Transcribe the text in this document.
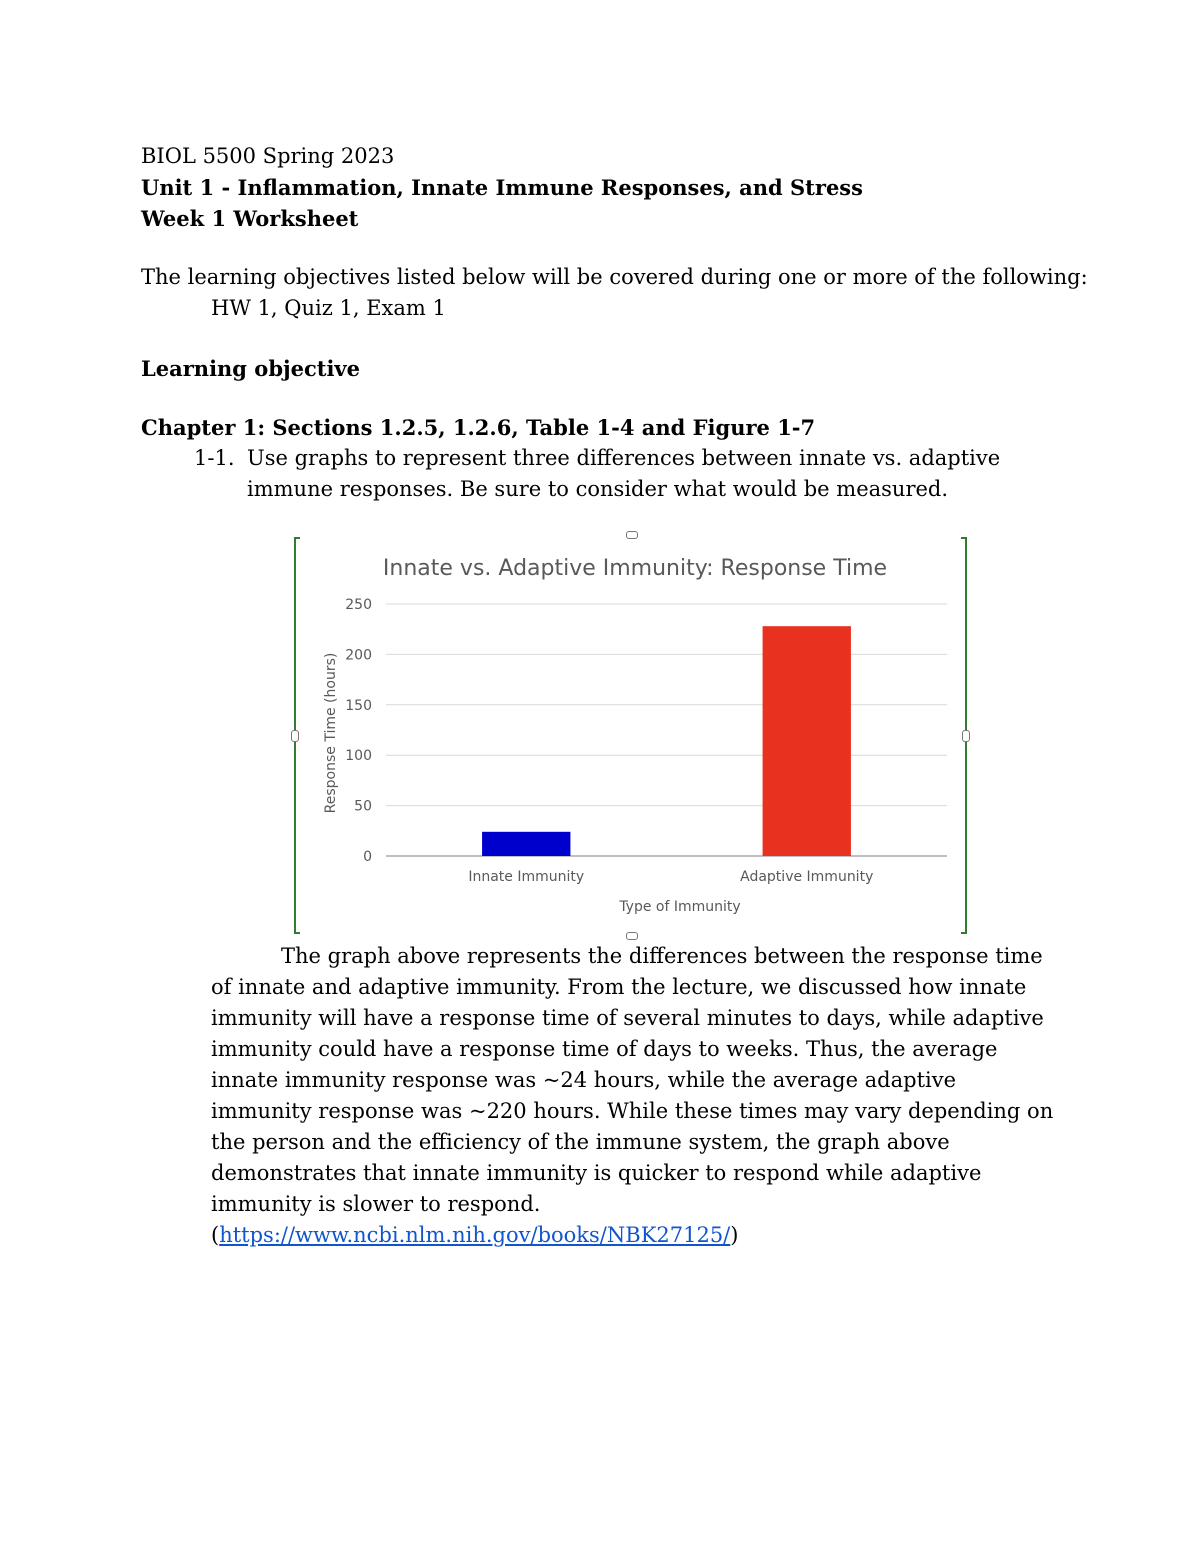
BIOL 5500 Spring 2023
Unit 1 - Inflammation, Innate Immune Responses, and Stress
Week 1 Worksheet
The learning objectives listed below will be covered during one or more of the following:
HW 1, Quiz 1, Exam 1
Learning objective
Chapter 1: Sections 1.2.5, 1.2.6, Table 1-4 and Figure 1-7
1-1. Use graphs to represent three differences between innate vs. adaptive immune responses. Be sure to consider what would be measured.
Innate vs. Adaptive Immunity: Response Time
0
50
100
150
200
250
Innate Immunity	Adaptive Immunity
Type of Immunity
Response Time (hours)

The graph above represents the differences between the response time of innate and adaptive immunity. From the lecture, we discussed how innate immunity will have a response time of several minutes to days, while adaptive immunity could have a response time of days to weeks. Thus, the average innate immunity response was ~24 hours, while the average adaptive immunity response was ~220 hours. While these times may vary depending on the person and the efficiency of the immune system, the graph above demonstrates that innate immunity is quicker to respond while adaptive immunity is slower to respond. (https://www.ncbi.nlm.nih.gov/books/NBK27125/)
